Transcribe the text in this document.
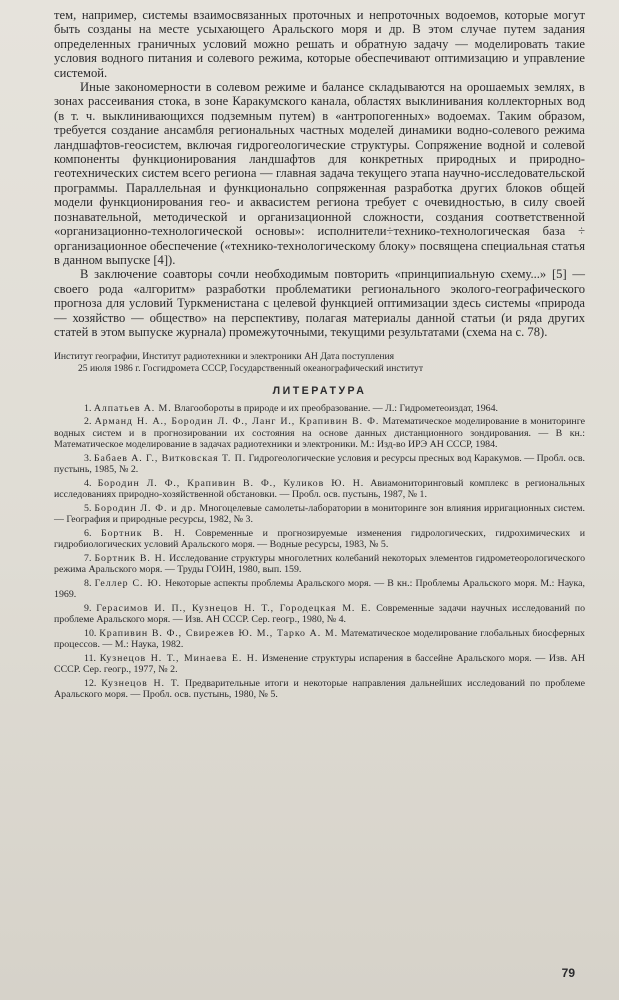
тем, например, системы взаимосвязанных проточных и непроточных водоемов, которые могут быть созданы на месте усыхающего Аральского моря и др. В этом случае путем задания определенных граничных условий можно решать и обратную задачу — моделировать такие условия водного питания и солевого режима, которые обеспечивают оптимизацию и управление системой.

Иные закономерности в солевом режиме и балансе складываются на орошаемых землях, в зонах рассеивания стока, в зоне Каракумского канала, областях выклинивания коллекторных вод (в т. ч. выклинивающихся подземным путем) в «антропогенных» водоемах. Таким образом, требуется создание ансамбля региональных частных моделей динамики водно-солевого режима ландшафтов-геосистем, включая гидрогеологические структуры. Сопряжение водной и солевой компоненты функционирования ландшафтов для конкретных природных и природно-геотехнических систем всего региона — главная задача текущего этапа научно-исследовательской программы. Параллельная и функционально сопряженная разработка других блоков общей модели функционирования гео- и аквасистем региона требует с очевидностью, в силу своей познавательной, методической и организационной сложности, создания соответственной «организационно-технологической основы»: исполнители÷технико-технологическая база ÷ организационное обеспечение («технико-технологическому блоку» посвящена специальная статья в данном выпуске [4]).

В заключение соавторы сочли необходимым повторить «принципиальную схему...» [5] — своего рода «алгоритм» разработки проблематики регионального эколого-географического прогноза для условий Туркменистана с целевой функцией оптимизации здесь системы «природа — хозяйство — общество» на перспективу, полагая материалы данной статьи (и ряда других статей в этом выпуске журнала) промежуточными, текущими результатами (схема на с. 78).

Институт географии, Институт радиотехники и электроники АН Дата поступления
25 июля 1986 г. Госгидромета СССР, Государственный океанографический институт
ЛИТЕРАТУРА

1. Алпатьев А. М. Влагообороты в природе и их преобразование. — Л.: Гидрометеоиздат, 1964.

2. Арманд Н. А., Бородин Л. Ф., Ланг И., Крапивин В. Ф. Математическое моделирование в мониторинге водных систем и в прогнозировании их состояния на основе данных дистанционного зондирования. — В кн.: Математическое моделирование в задачах радиотехники и электроники. М.: Изд-во ИРЭ АН СССР, 1984.

3. Бабаев А. Г., Витковская Т. П. Гидрогеологические условия и ресурсы пресных вод Каракумов. — Пробл. осв. пустынь, 1985, № 2.

4. Бородин Л. Ф., Крапивин В. Ф., Куликов Ю. Н. Авиамониторинговый комплекс в региональных исследованиях природно-хозяйственной обстановки. — Пробл. осв. пустынь, 1987, № 1.

5. Бородин Л. Ф. и др. Многоцелевые самолеты-лаборатории в мониторинге зон влияния ирригационных систем. — География и природные ресурсы, 1982, № 3.

6. Бортник В. Н. Современные и прогнозируемые изменения гидрологических, гидрохимических и гидробиологических условий Аральского моря. — Водные ресурсы, 1983, № 5.

7. Бортник В. Н. Исследование структуры многолетних колебаний некоторых элементов гидрометеорологического режима Аральского моря. — Труды ГОИН, 1980, вып. 159.

8. Геллер С. Ю. Некоторые аспекты проблемы Аральского моря. — В кн.: Проблемы Аральского моря. М.: Наука, 1969.

9. Герасимов И. П., Кузнецов Н. Т., Городецкая М. Е. Современные задачи научных исследований по проблеме Аральского моря. — Изв. АН СССР. Сер. геогр., 1980, № 4.

10. Крапивин В. Ф., Свирежев Ю. М., Тарко А. М. Математическое моделирование глобальных биосферных процессов. — М.: Наука, 1982.

11. Кузнецов Н. Т., Минаева Е. Н. Изменение структуры испарения в бассейне Аральского моря. — Изв. АН СССР. Сер. геогр., 1977, № 2.

12. Кузнецов Н. Т. Предварительные итоги и некоторые направления дальнейших исследований по проблеме Аральского моря. — Пробл. осв. пустынь, 1980, № 5.

79
